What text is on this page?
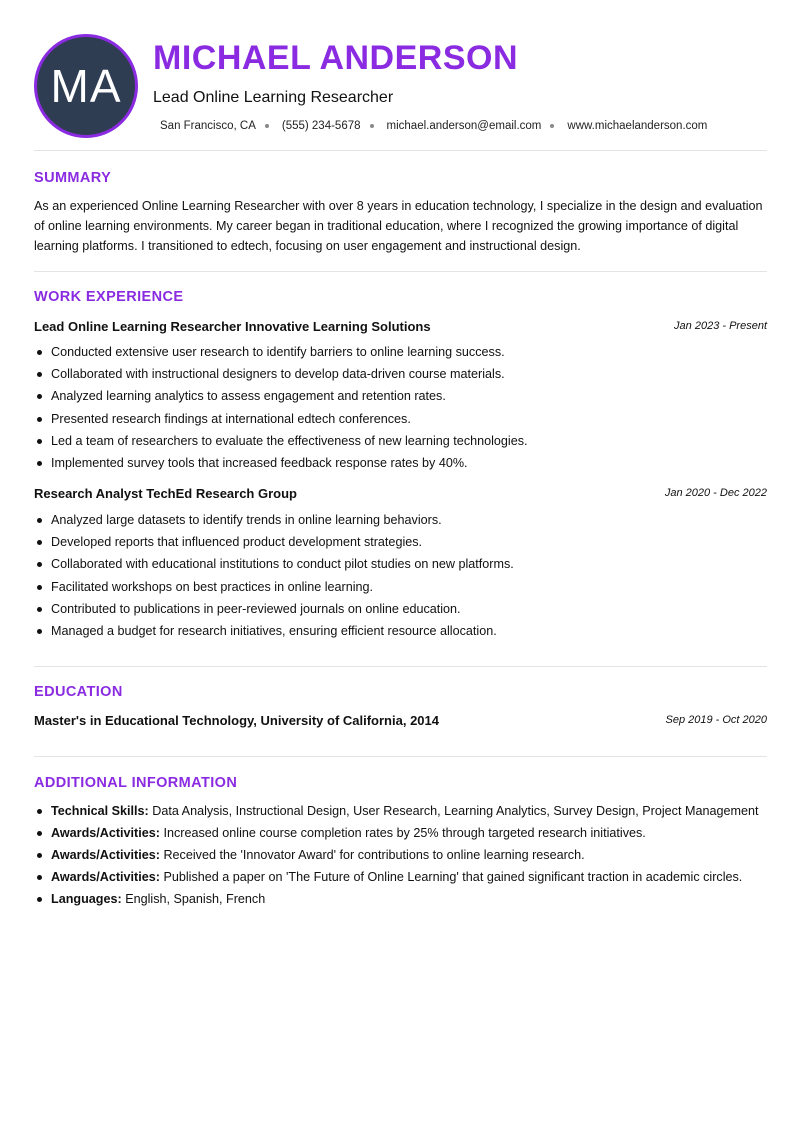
MA
MICHAEL ANDERSON
Lead Online Learning Researcher
San Francisco, CA (555) 234-5678 michael.anderson@email.com www.michaelanderson.com
SUMMARY
As an experienced Online Learning Researcher with over 8 years in education technology, I specialize in the design and evaluation of online learning environments. My career began in traditional education, where I recognized the growing importance of digital learning platforms. I transitioned to edtech, focusing on user engagement and instructional design.
WORK EXPERIENCE
Lead Online Learning Researcher Innovative Learning Solutions	Jan 2023 - Present
Conducted extensive user research to identify barriers to online learning success.
Collaborated with instructional designers to develop data-driven course materials.
Analyzed learning analytics to assess engagement and retention rates.
Presented research findings at international edtech conferences.
Led a team of researchers to evaluate the effectiveness of new learning technologies.
Implemented survey tools that increased feedback response rates by 40%.
Research Analyst TechEd Research Group	Jan 2020 - Dec 2022
Analyzed large datasets to identify trends in online learning behaviors.
Developed reports that influenced product development strategies.
Collaborated with educational institutions to conduct pilot studies on new platforms.
Facilitated workshops on best practices in online learning.
Contributed to publications in peer-reviewed journals on online education.
Managed a budget for research initiatives, ensuring efficient resource allocation.
EDUCATION
Master's in Educational Technology, University of California, 2014	Sep 2019 - Oct 2020
ADDITIONAL INFORMATION
Technical Skills: Data Analysis, Instructional Design, User Research, Learning Analytics, Survey Design, Project Management
Awards/Activities: Increased online course completion rates by 25% through targeted research initiatives.
Awards/Activities: Received the 'Innovator Award' for contributions to online learning research.
Awards/Activities: Published a paper on 'The Future of Online Learning' that gained significant traction in academic circles.
Languages: English, Spanish, French
